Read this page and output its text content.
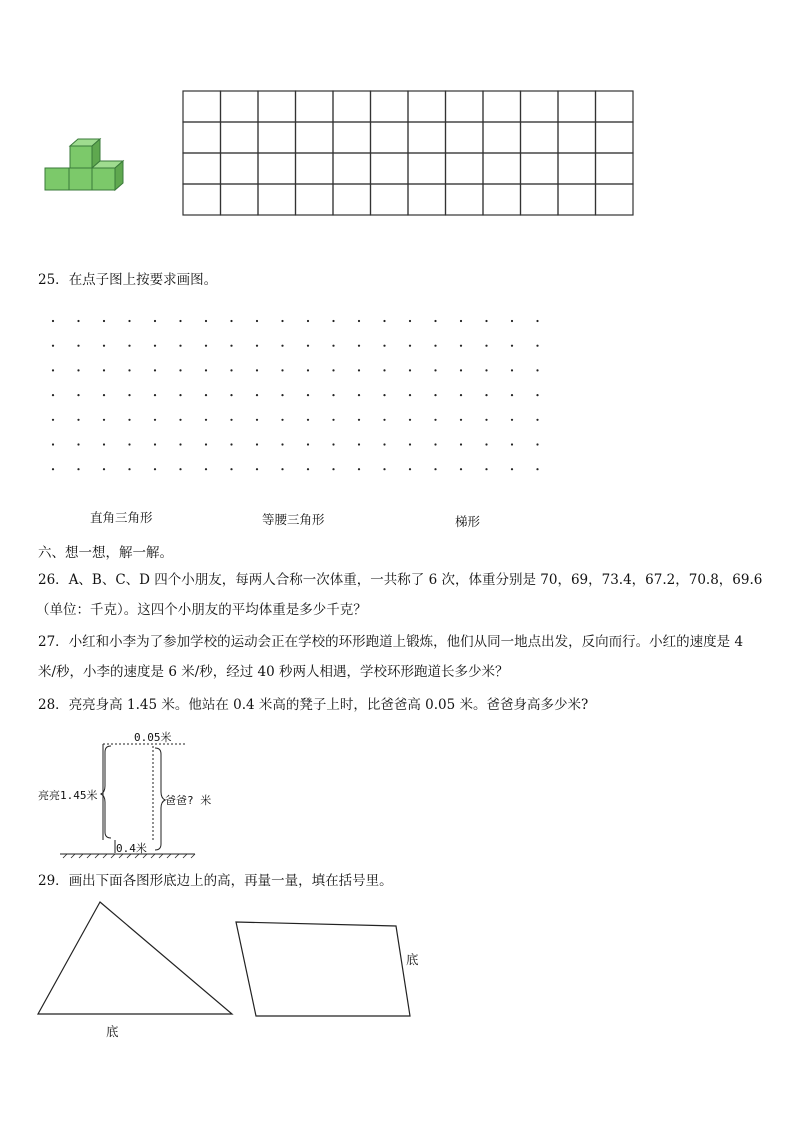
25．在点子图上按要求画图。
直角三角形	等腰三角形	梯形
六、想一想，解一解。
26．A、B、C、D 四个小朋友，每两人合称一次体重，一共称了 6 次，体重分别是 70，69，73.4，67.2，70.8，69.6
（单位：千克）。这四个小朋友的平均体重是多少千克？
27．小红和小李为了参加学校的运动会正在学校的环形跑道上锻炼，他们从同一地点出发，反向而行。小红的速度是 4
米/秒，小李的速度是 6 米/秒，经过 40 秒两人相遇，学校环形跑道长多少米？
28．亮亮身高 1.45 米。他站在 0.4 米高的凳子上时，比爸爸高 0.05 米。爸爸身高多少米?
0.05米
亮亮1.45米	爸爸? 米
0.4米
29．画出下面各图形底边上的高，再量一量，填在括号里。
底
底
